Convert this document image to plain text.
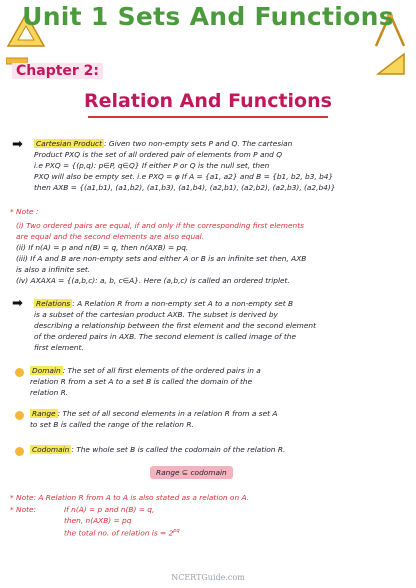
Unit 1 Sets And Functions
Chapter 2:
Relation And Functions
➡ Cartesian Product : Given two non-empty sets P and Q. The cartesian
Product PXQ is the set of all ordered pair of elements from P and Q
i.e PXQ = {(p,q): p∈P, q∈Q} If either P or Q is the null set, then
PXQ will also be empty set. i.e PXQ = φ If A = {a1, a2} and B = {b1, b2, b3, b4}
then AXB = {(a1,b1), (a1,b2), (a1,b3), (a1,b4), (a2,b1), (a2,b2), (a2,b3), (a2,b4)}
* Note :
(i) Two ordered pairs are equal, if and only if the corresponding first elements
are equal and the second elements are also equal.
(ii) If n(A) = p and n(B) = q, then n(AXB) = pq.
(iii) If A and B are non-empty sets and either A or B is an infinite set then, AXB
is also a infinite set.
(iv) AXAXA = {(a,b,c): a, b, c∈A}. Here (a,b,c) is called an ordered triplet.
➡ Relations : A Relation R from a non-empty set A to a non-empty set B
is a subset of the cartesian product AXB. The subset is derived by
describing a relationship between the first element and the second element
of the ordered pairs in AXB. The second element is called image of the
first element.
Domain : The set of all first elements of the ordered pairs in a
relation R from a set A to a set B is called the domain of the
relation R.
Range : The set of all second elements in a relation R from a set A
to set B is called the range of the relation R.
Codomain : The whole set B is called the codomain of the relation R.
Range ⊆ codomain
* Note: A Relation R from A to A is also stated as a relation on A.
* Note:	If n(A) = p and n(B) = q,
then, n(AXB) = pq
the total no. of relation is = $2^{pq}$
NCERTGuide.com
